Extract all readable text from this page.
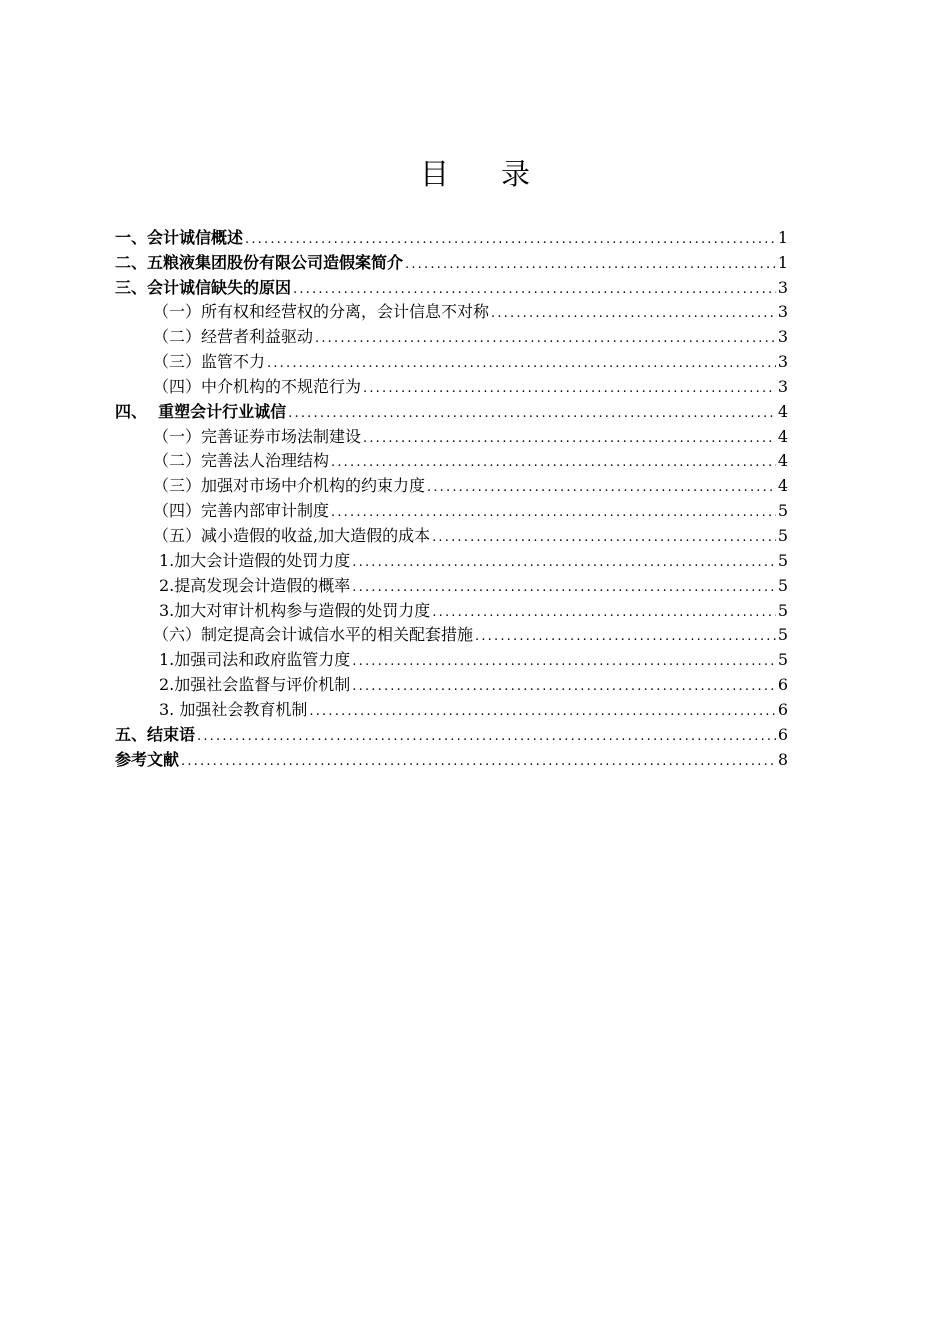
目录
一、会计诚信概述 .....	1
二、五粮液集团股份有限公司造假案简介 .....	1
三、会计诚信缺失的原因 .....	3
（一）所有权和经营权的分离，会计信息不对称 .....	3
（二）经营者利益驱动 .....	3
（三）监管不力 .....	3
（四）中介机构的不规范行为 .....	3
四、  重塑会计行业诚信 .....	4
（一）完善证券市场法制建设 .....	4
（二）完善法人治理结构 .....	4
（三）加强对市场中介机构的约束力度 .....	4
（四）完善内部审计制度 .....	5
（五）减小造假的收益,加大造假的成本 .....	5
1.加大会计造假的处罚力度 .....	5
2.提高发现会计造假的概率 .....	5
3.加大对审计机构参与造假的处罚力度 .....	5
（六）制定提高会计诚信水平的相关配套措施 .....	5
1.加强司法和政府监管力度 .....	5
2.加强社会监督与评价机制 .....	6
3. 加强社会教育机制 .....	6
五、结束语 .....	6
参考文献 .....	8
